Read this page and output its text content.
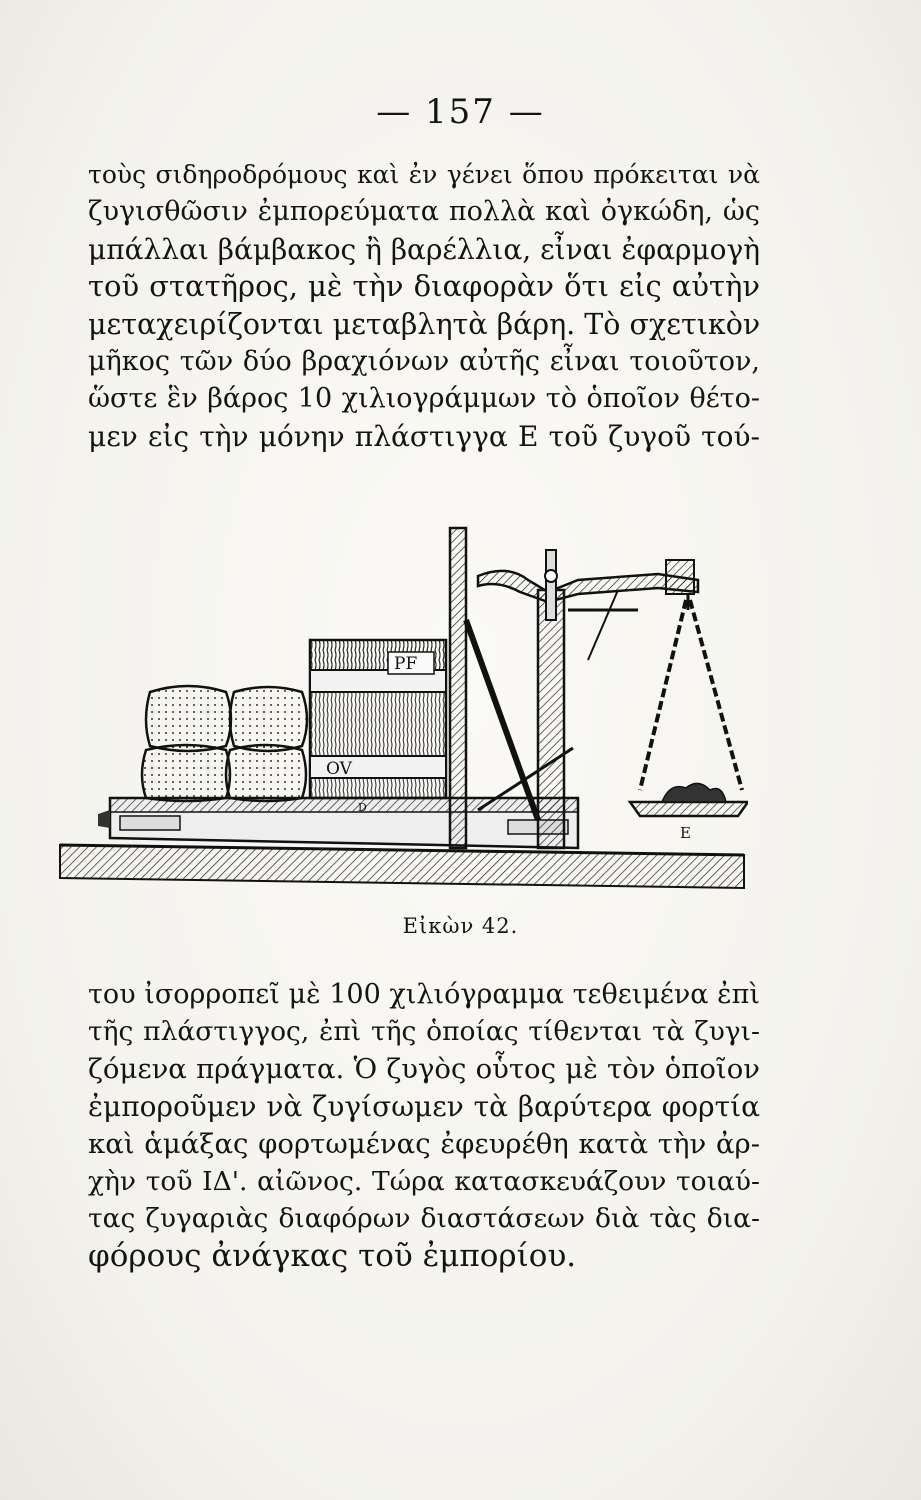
— 157 —
τοὺς σιδηροδρόμους καὶ ἐν γένει ὅπου πρόκειται νὰ
ζυγισθῶσιν ἐμπορεύματα πολλὰ καὶ ὀγκώδη, ὡς
μπάλλαι βάμβακος ἢ βαρέλλια, εἶναι ἐφαρμογὴ
τοῦ στατῆρος, μὲ τὴν διαφορὰν ὅτι εἰς αὐτὴν
μεταχειρίζονται μεταβλητὰ βάρη. Τὸ σχετικὸν
μῆκος τῶν δύο βραχιόνων αὐτῆς εἶναι τοιοῦτον,
ὥστε ἓν βάρος 10 χιλιογράμμων τὸ ὁποῖον θέτο-
μεν εἰς τὴν μόνην πλάστιγγα Ε τοῦ ζυγοῦ τού-
D
PF
OV
E
Εἰκὼν 42.
του ἰσορροπεῖ μὲ 100 χιλιόγραμμα τεθειμένα ἐπὶ
τῆς πλάστιγγος, ἐπὶ τῆς ὁποίας τίθενται τὰ ζυγι-
ζόμενα πράγματα. Ὁ ζυγὸς οὗτος μὲ τὸν ὁποῖον
ἐμποροῦμεν νὰ ζυγίσωμεν τὰ βαρύτερα φορτία
καὶ ἁμάξας φορτωμένας ἐφευρέθη κατὰ τὴν ἀρ-
χὴν τοῦ ΙΔ'. αἰῶνος. Τώρα κατασκευάζουν τοιαύ-
τας ζυγαριὰς διαφόρων διαστάσεων διὰ τὰς δια-
φόρους ἀνάγκας τοῦ ἐμπορίου.
